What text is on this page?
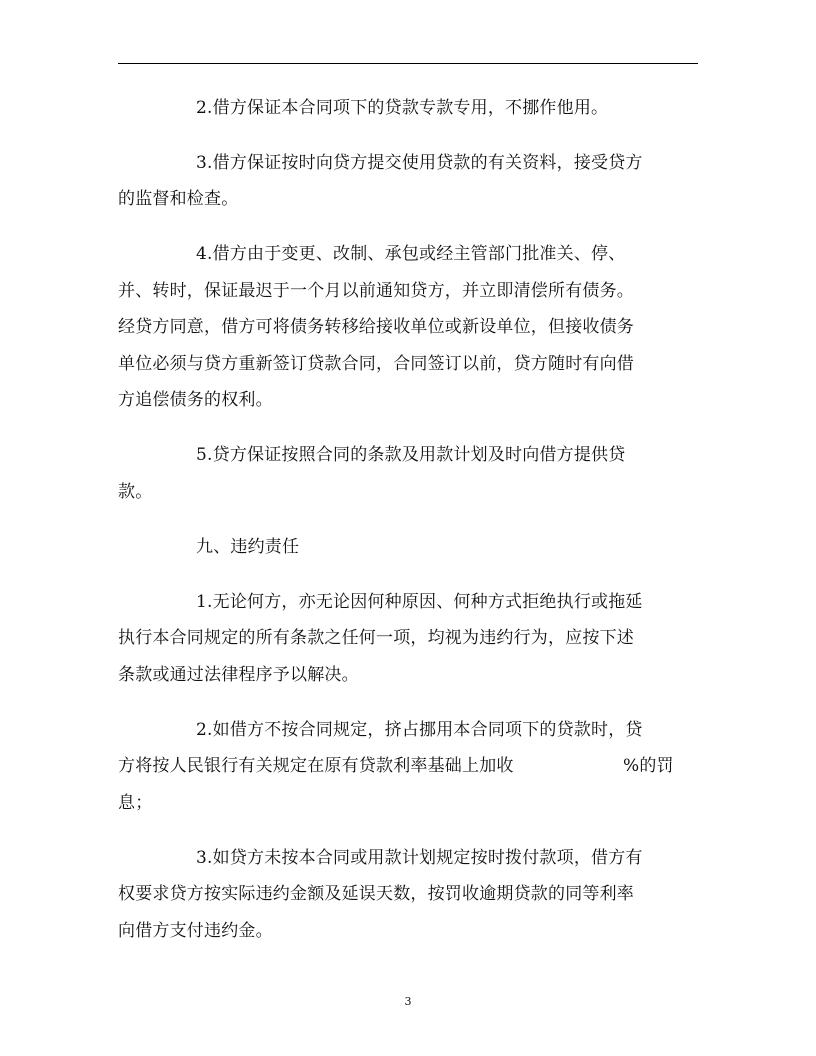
2.借方保证本合同项下的贷款专款专用，不挪作他用。
3.借方保证按时向贷方提交使用贷款的有关资料，接受贷方
的监督和检查。
4.借方由于变更、改制、承包或经主管部门批准关、停、
并、转时，保证最迟于一个月以前通知贷方，并立即清偿所有债务。
经贷方同意，借方可将债务转移给接收单位或新设单位，但接收债务
单位必须与贷方重新签订贷款合同，合同签订以前，贷方随时有向借
方追偿债务的权利。
5.贷方保证按照合同的条款及用款计划及时向借方提供贷
款。
九、违约责任
1.无论何方，亦无论因何种原因、何种方式拒绝执行或拖延
执行本合同规定的所有条款之任何一项，均视为违约行为，应按下述
条款或通过法律程序予以解决。
2.如借方不按合同规定，挤占挪用本合同项下的贷款时，贷
方将按人民银行有关规定在原有贷款利率基础上加收	%的罚
息；
3.如贷方未按本合同或用款计划规定按时拨付款项，借方有
权要求贷方按实际违约金额及延误天数，按罚收逾期贷款的同等利率
向借方支付违约金。
3
